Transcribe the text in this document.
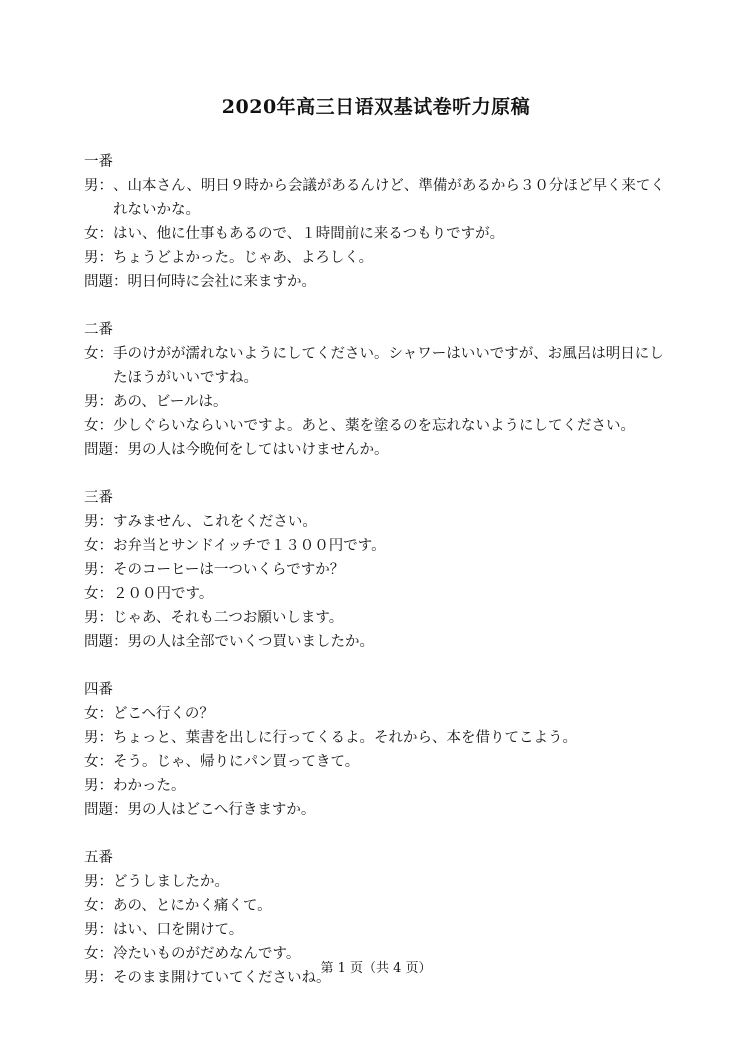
2020年高三日语双基试卷听力原稿
一番
男： 、山本さん、明日９時から会議があるんけど、準備があるから３０分ほど早く来てくれないかな。
女： はい、他に仕事もあるので、１時間前に来るつもりですが。
男： ちょうどよかった。じゃあ、よろしく。
問題： 明日何時に会社に来ますか。
二番
女： 手のけがが濡れないようにしてください。シャワーはいいですが、お風呂は明日にしたほうがいいですね。
男： あの、ビールは。
女： 少しぐらいならいいですよ。あと、薬を塗るのを忘れないようにしてください。
問題： 男の人は今晩何をしてはいけませんか。
三番
男： すみません、これをください。
女： お弁当とサンドイッチで１３００円です。
男： そのコーヒーは一ついくらですか？
女： ２００円です。
男： じゃあ、それも二つお願いします。
問題： 男の人は全部でいくつ買いましたか。
四番
女： どこへ行くの？
男： ちょっと、葉書を出しに行ってくるよ。それから、本を借りてこよう。
女： そう。じゃ、帰りにパン買ってきて。
男： わかった。
問題： 男の人はどこへ行きますか。
五番
男： どうしましたか。
女： あの、とにかく痛くて。
男： はい、口を開けて。
女： 冷たいものがだめなんです。
男： そのまま開けていてくださいね。
第 1 页（共 4 页）
